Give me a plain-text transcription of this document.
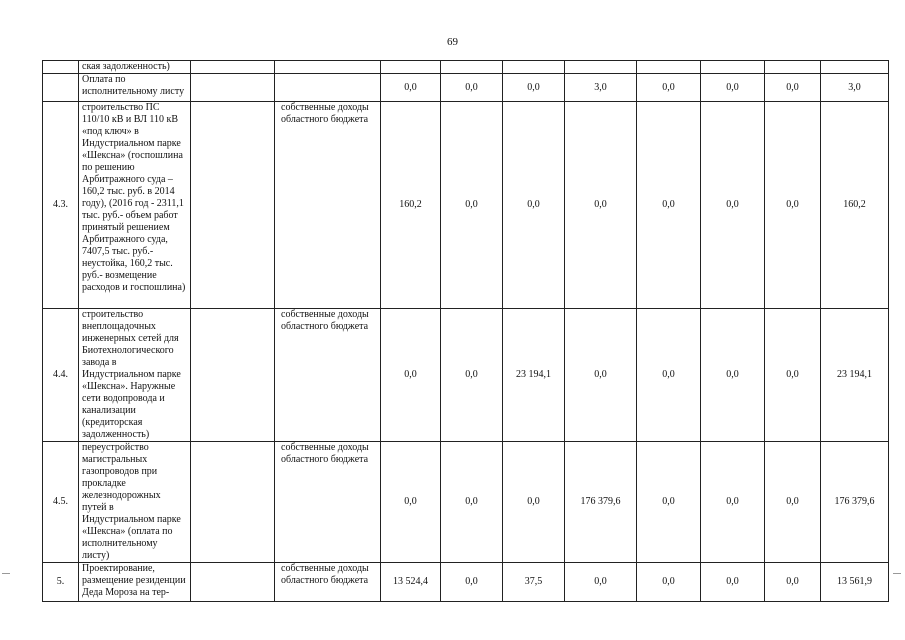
69
	ская задолженность)										
	Оплата по исполнительному листу			0,0	0,0	0,0	3,0	0,0	0,0	0,0	3,0
4.3.	строительство ПС 110/10 кВ и ВЛ 110 кВ «под ключ» в Индустриальном парке «Шексна» (госпошлина по решению Арбитражного суда – 160,2 тыс. руб. в 2014 году), (2016 год - 2311,1 тыс. руб.- объем работ принятый решением Арбитражного суда, 7407,5 тыс. руб.- неустойка, 160,2 тыс. руб.- возмещение расходов и госпошлина)		собственные доходы областного бюджета	160,2	0,0	0,0	0,0	0,0	0,0	0,0	160,2
4.4.	строительство внеплощадочных инженерных сетей для Биотехнологического завода в Индустриальном парке «Шексна». Наружные сети водопровода и канализации (кредиторская задолженность)		собственные доходы областного бюджета	0,0	0,0	23 194,1	0,0	0,0	0,0	0,0	23 194,1
4.5.	переустройство магистральных газопроводов при прокладке железнодорожных путей в Индустриальном парке «Шексна» (оплата по исполнительному листу)		собственные доходы областного бюджета	0,0	0,0	0,0	176 379,6	0,0	0,0	0,0	176 379,6
5.	Проектирование, размещение резиденции Деда Мороза на тер-		собственные доходы областного бюджета	13 524,4	0,0	37,5	0,0	0,0	0,0	0,0	13 561,9
